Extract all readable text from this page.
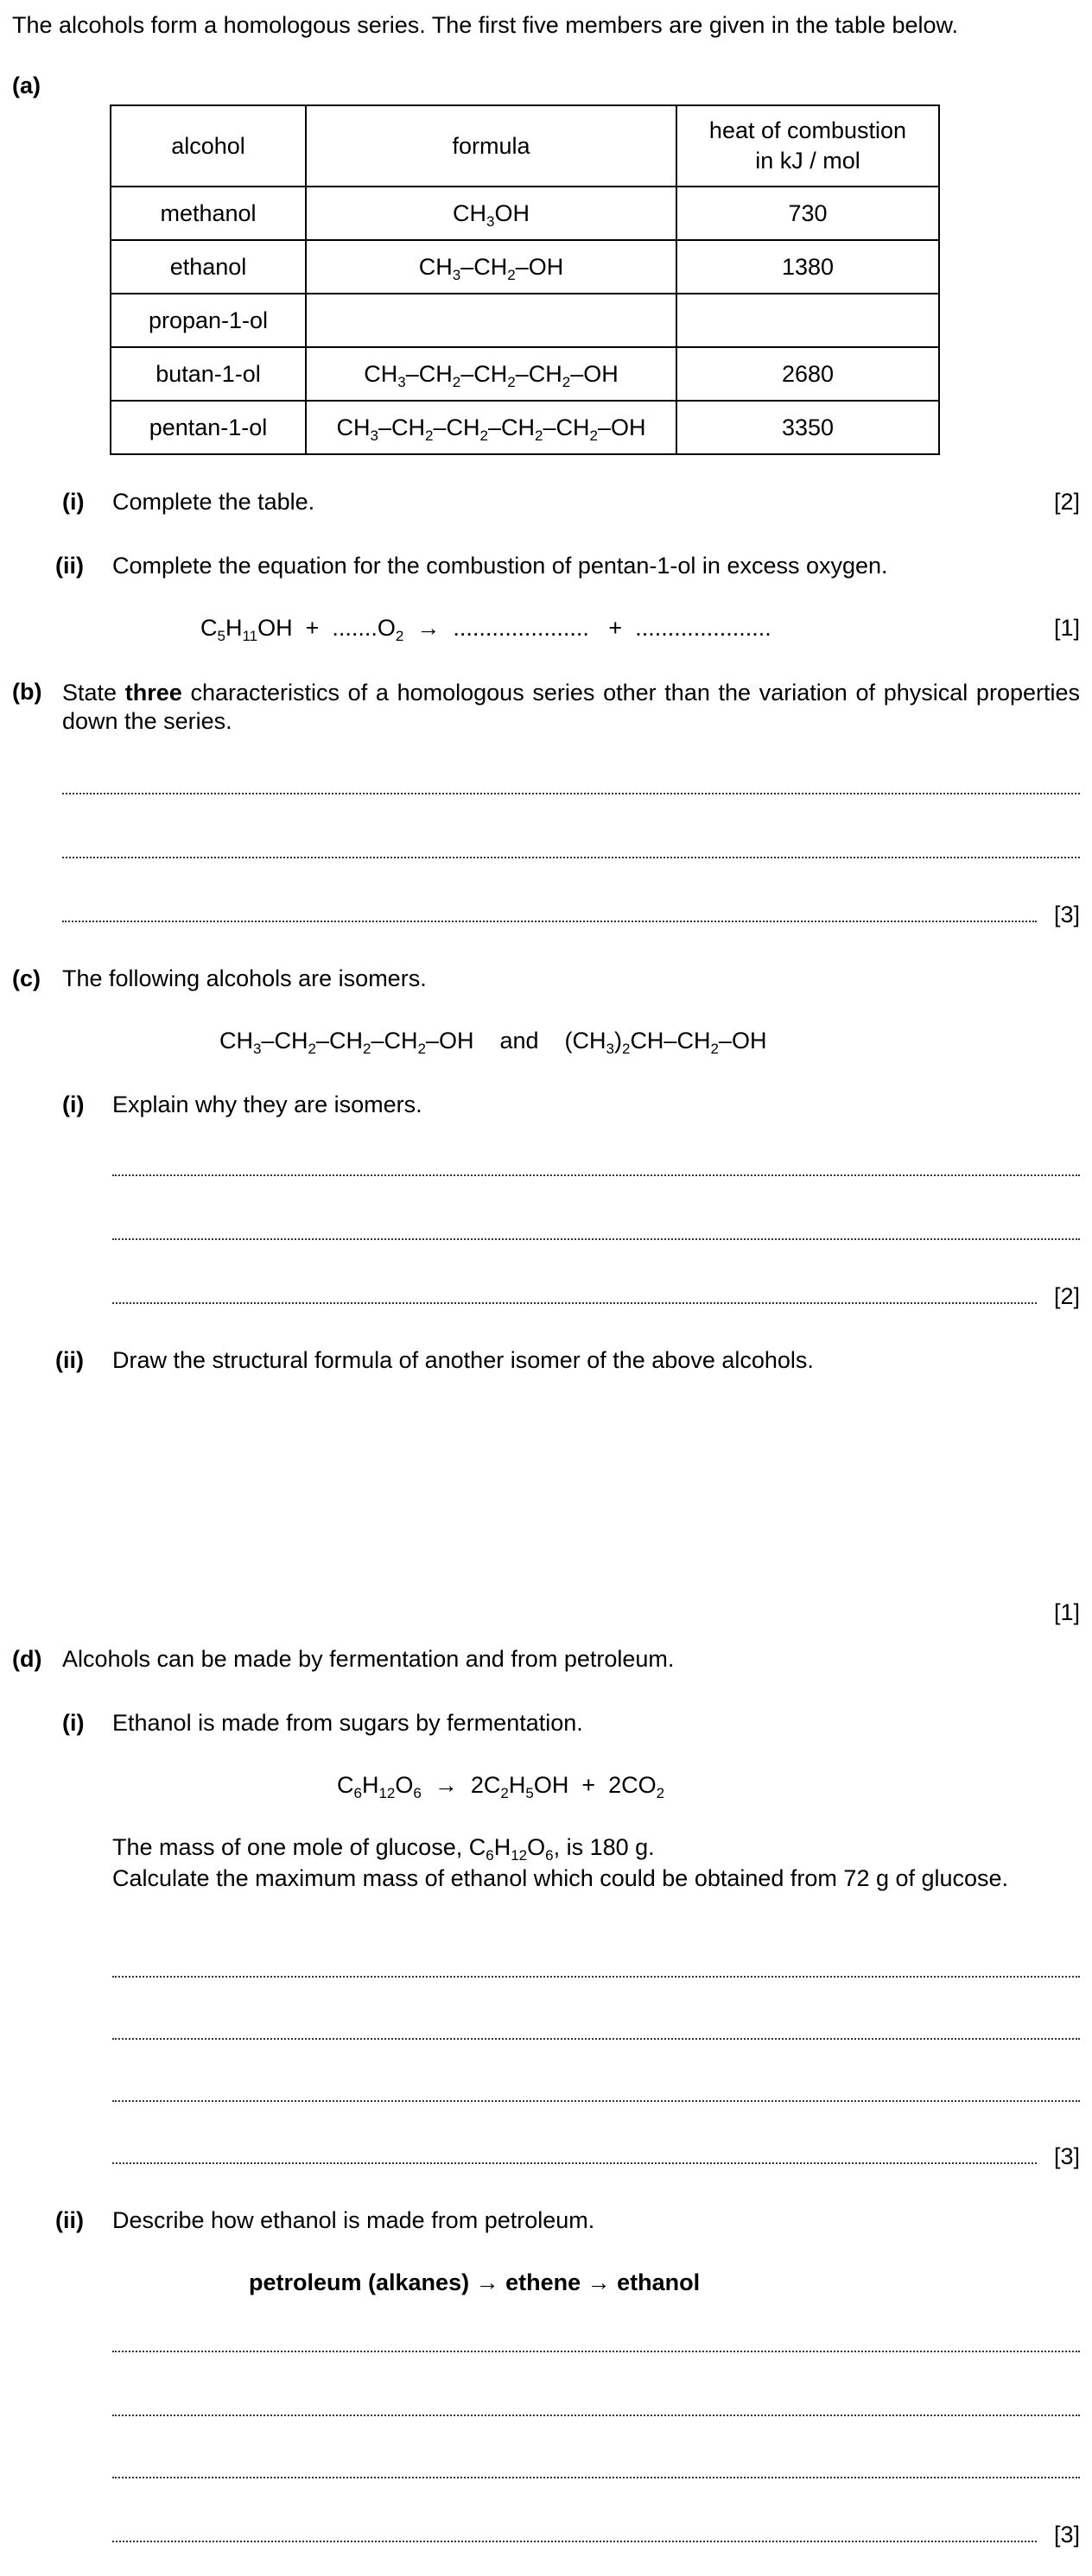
The alcohols form a homologous series. The first five members are given in the table below.
(a)
alcohol	formula	heat of combustion
in kJ / mol
methanol	$CH_3OH$	730
ethanol	$CH_3-CH_2-OH$	1380
propan-1-ol		
butan-1-ol	$CH_3-CH_2-CH_2-CH_2-OH$	2680
pentan-1-ol	$CH_3-CH_2-CH_2-CH_2-CH_2-OH$	3350
(i) Complete the table.	[2]
(ii) Complete the equation for the combustion of pentan-1-ol in excess oxygen.
$C_5H_{11}OH + .......O_2$  →  .....................   +  .....................	[1]
(b) State three characteristics of a homologous series other than the variation of physical properties down the series.
[3]
(c) The following alcohols are isomers.
$CH_3-CH_2-CH_2-CH_2-OH$    and    $(CH_3)_2CH-CH_2-OH$
(i) Explain why they are isomers.
[2]
(ii) Draw the structural formula of another isomer of the above alcohols.
[1]
(d) Alcohols can be made by fermentation and from petroleum.
(i) Ethanol is made from sugars by fermentation.
$C_6H_{12}O_6 \to 2C_2H_5OH + 2CO_2$
The mass of one mole of glucose, $C_6H_{12}O_6$, is 180 g.
Calculate the maximum mass of ethanol which could be obtained from 72 g of glucose.
[3]
(ii) Describe how ethanol is made from petroleum.
petroleum (alkanes) → ethene → ethanol
[3]
